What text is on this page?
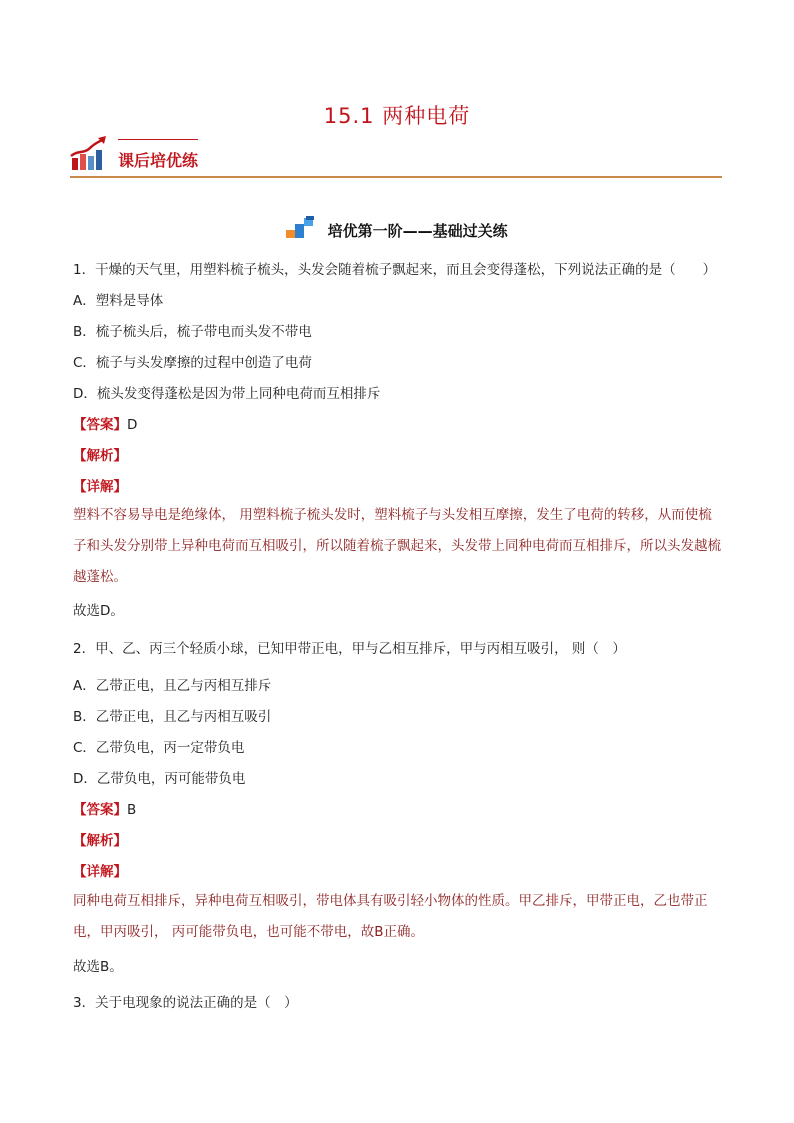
15.1 两种电荷
课后培优练
培优第一阶——基础过关练
1．干燥的天气里，用塑料梳子梳头，头发会随着梳子飘起来，而且会变得蓬松，下列说法正确的是（　　）
A．塑料是导体
B．梳子梳头后，梳子带电而头发不带电
C．梳子与头发摩擦的过程中创造了电荷
D．梳头发变得蓬松是因为带上同种电荷而互相排斥
【答案】D
【解析】
【详解】
塑料不容易导电是绝缘体， 用塑料梳子梳头发时，塑料梳子与头发相互摩擦，发生了电荷的转移，从而使梳子和头发分别带上异种电荷而互相吸引，所以随着梳子飘起来，头发带上同种电荷而互相排斥，所以头发越梳越蓬松。
故选D。
2．甲、乙、丙三个轻质小球，已知甲带正电，甲与乙相互排斥，甲与丙相互吸引， 则（　）
A．乙带正电，且乙与丙相互排斥
B．乙带正电，且乙与丙相互吸引
C．乙带负电，丙一定带负电
D．乙带负电，丙可能带负电
【答案】B
【解析】
【详解】
同种电荷互相排斥，异种电荷互相吸引，带电体具有吸引轻小物体的性质。甲乙排斥，甲带正电，乙也带正电，甲丙吸引， 丙可能带负电，也可能不带电，故B正确。
故选B。
3．关于电现象的说法正确的是（　）
